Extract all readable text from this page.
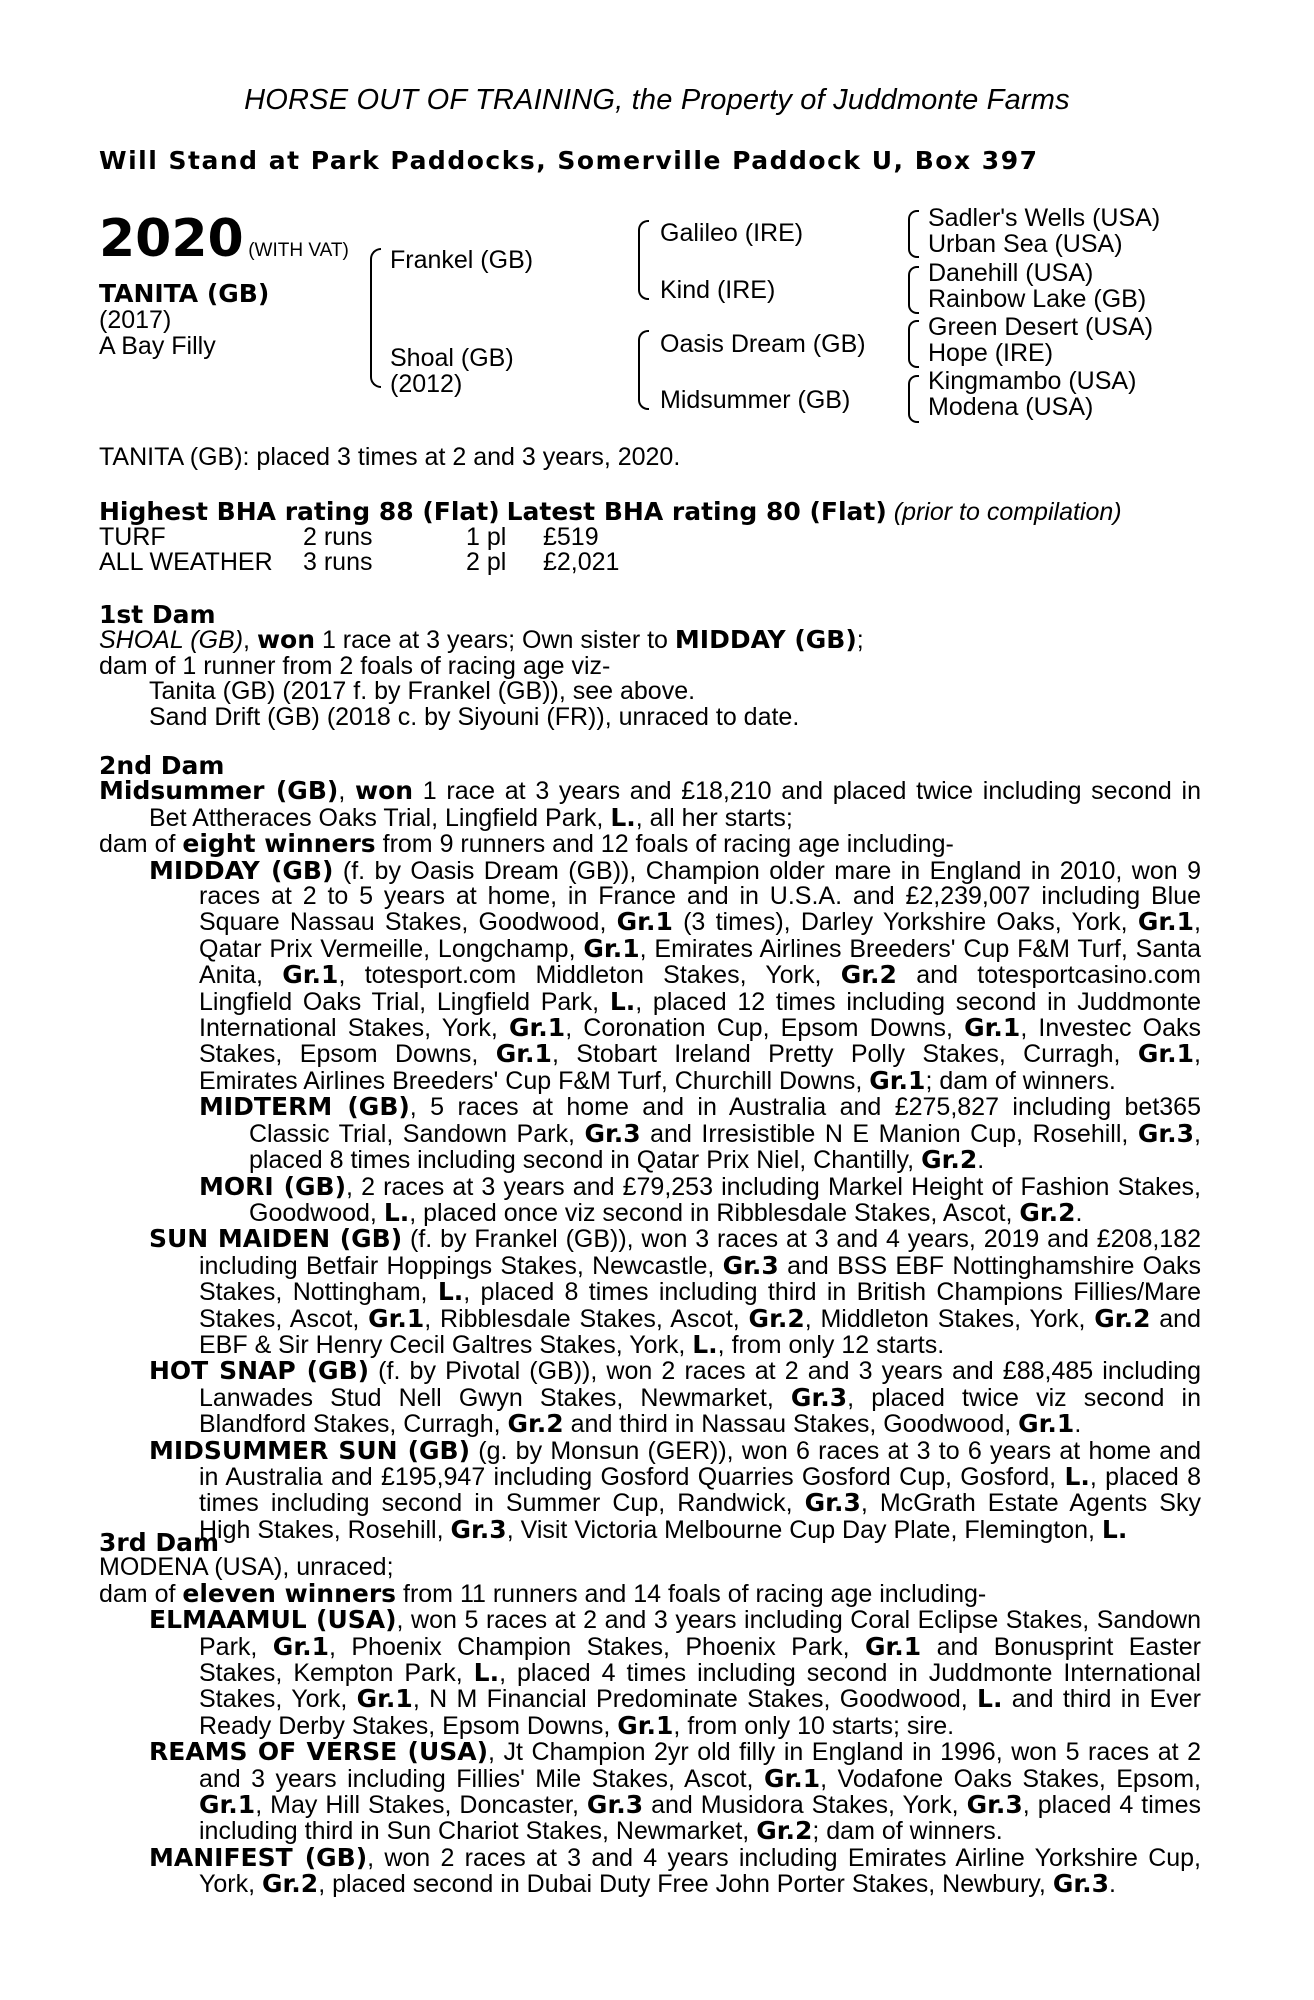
HORSE OUT OF TRAINING, the Property of Juddmonte Farms
Will Stand at Park Paddocks, Somerville Paddock U, Box 397
2020 (WITH VAT)
TANITA (GB)
(2017)
A Bay Filly
Frankel (GB)
Shoal (GB)
(2012)
Galileo (IRE)
Kind (IRE)
Oasis Dream (GB)
Midsummer (GB)
Sadler's Wells (USA)
Urban Sea (USA)
Danehill (USA)
Rainbow Lake (GB)
Green Desert (USA)
Hope (IRE)
Kingmambo (USA)
Modena (USA)
TANITA (GB): placed 3 times at 2 and 3 years, 2020.
Highest BHA rating 88 (Flat) Latest BHA rating 80 (Flat) (prior to compilation)
TURF	2 runs	1 pl	£519
ALL WEATHER	3 runs	2 pl	£2,021

1st Dam

SHOAL (GB), won 1 race at 3 years; Own sister to MIDDAY (GB);

dam of 1 runner from 2 foals of racing age viz-

Tanita (GB) (2017 f. by Frankel (GB)), see above.

Sand Drift (GB) (2018 c. by Siyouni (FR)), unraced to date.

2nd Dam

Midsummer (GB), won 1 race at 3 years and £18,210 and placed twice including second in Bet Attheraces Oaks Trial, Lingfield Park, L., all her starts;

dam of eight winners from 9 runners and 12 foals of racing age including-

MIDDAY (GB) (f. by Oasis Dream (GB)), Champion older mare in England in 2010, won 9 races at 2 to 5 years at home, in France and in U.S.A. and £2,239,007 including Blue Square Nassau Stakes, Goodwood, Gr.1 (3 times), Darley Yorkshire Oaks, York, Gr.1, Qatar Prix Vermeille, Longchamp, Gr.1, Emirates Airlines Breeders' Cup F&M Turf, Santa Anita, Gr.1, totesport.com Middleton Stakes, York, Gr.2 and totesportcasino.com Lingfield Oaks Trial, Lingfield Park, L., placed 12 times including second in Juddmonte International Stakes, York, Gr.1, Coronation Cup, Epsom Downs, Gr.1, Investec Oaks Stakes, Epsom Downs, Gr.1, Stobart Ireland Pretty Polly Stakes, Curragh, Gr.1, Emirates Airlines Breeders' Cup F&M Turf, Churchill Downs, Gr.1; dam of winners.

MIDTERM (GB), 5 races at home and in Australia and £275,827 including bet365 Classic Trial, Sandown Park, Gr.3 and Irresistible N E Manion Cup, Rosehill, Gr.3, placed 8 times including second in Qatar Prix Niel, Chantilly, Gr.2.

MORI (GB), 2 races at 3 years and £79,253 including Markel Height of Fashion Stakes, Goodwood, L., placed once viz second in Ribblesdale Stakes, Ascot, Gr.2.

SUN MAIDEN (GB) (f. by Frankel (GB)), won 3 races at 3 and 4 years, 2019 and £208,182 including Betfair Hoppings Stakes, Newcastle, Gr.3 and BSS EBF Nottinghamshire Oaks Stakes, Nottingham, L., placed 8 times including third in British Champions Fillies/Mare Stakes, Ascot, Gr.1, Ribblesdale Stakes, Ascot, Gr.2, Middleton Stakes, York, Gr.2 and EBF & Sir Henry Cecil Galtres Stakes, York, L., from only 12 starts.

HOT SNAP (GB) (f. by Pivotal (GB)), won 2 races at 2 and 3 years and £88,485 including Lanwades Stud Nell Gwyn Stakes, Newmarket, Gr.3, placed twice viz second in Blandford Stakes, Curragh, Gr.2 and third in Nassau Stakes, Goodwood, Gr.1.

MIDSUMMER SUN (GB) (g. by Monsun (GER)), won 6 races at 3 to 6 years at home and in Australia and £195,947 including Gosford Quarries Gosford Cup, Gosford, L., placed 8 times including second in Summer Cup, Randwick, Gr.3, McGrath Estate Agents Sky High Stakes, Rosehill, Gr.3, Visit Victoria Melbourne Cup Day Plate, Flemington, L.

3rd Dam

MODENA (USA), unraced;

dam of eleven winners from 11 runners and 14 foals of racing age including-

ELMAAMUL (USA), won 5 races at 2 and 3 years including Coral Eclipse Stakes, Sandown Park, Gr.1, Phoenix Champion Stakes, Phoenix Park, Gr.1 and Bonusprint Easter Stakes, Kempton Park, L., placed 4 times including second in Juddmonte International Stakes, York, Gr.1, N M Financial Predominate Stakes, Goodwood, L. and third in Ever Ready Derby Stakes, Epsom Downs, Gr.1, from only 10 starts; sire.

REAMS OF VERSE (USA), Jt Champion 2yr old filly in England in 1996, won 5 races at 2 and 3 years including Fillies' Mile Stakes, Ascot, Gr.1, Vodafone Oaks Stakes, Epsom, Gr.1, May Hill Stakes, Doncaster, Gr.3 and Musidora Stakes, York, Gr.3, placed 4 times including third in Sun Chariot Stakes, Newmarket, Gr.2; dam of winners.

MANIFEST (GB), won 2 races at 3 and 4 years including Emirates Airline Yorkshire Cup, York, Gr.2, placed second in Dubai Duty Free John Porter Stakes, Newbury, Gr.3.
